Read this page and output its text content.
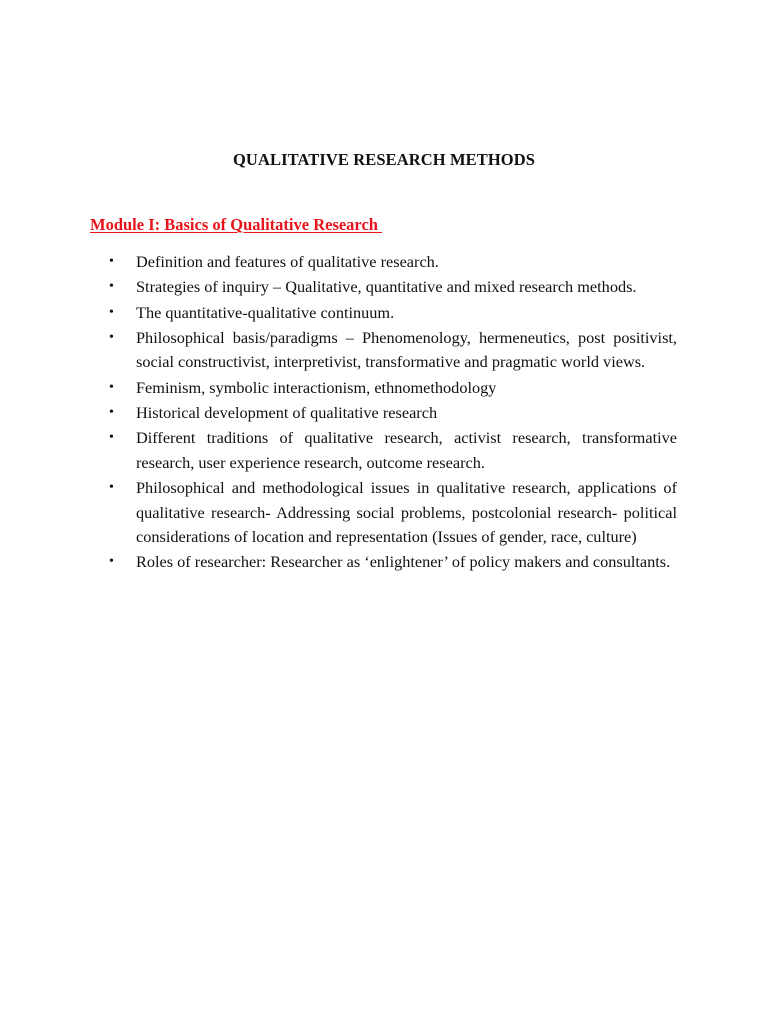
QUALITATIVE RESEARCH METHODS
Module I: Basics of Qualitative Research
• Definition and features of qualitative research.
• Strategies of inquiry – Qualitative, quantitative and mixed research methods.
• The quantitative-qualitative continuum.
• Philosophical basis/paradigms – Phenomenology, hermeneutics, post positivist, social constructivist, interpretivist, transformative and pragmatic world views.
• Feminism, symbolic interactionism, ethnomethodology
• Historical development of qualitative research
• Different traditions of qualitative research, activist research, transformative research, user experience research, outcome research.
• Philosophical and methodological issues in qualitative research, applications of qualitative research- Addressing social problems, postcolonial research- political considerations of location and representation (Issues of gender, race, culture)
• Roles of researcher: Researcher as ‘enlightener’ of policy makers and consultants.
